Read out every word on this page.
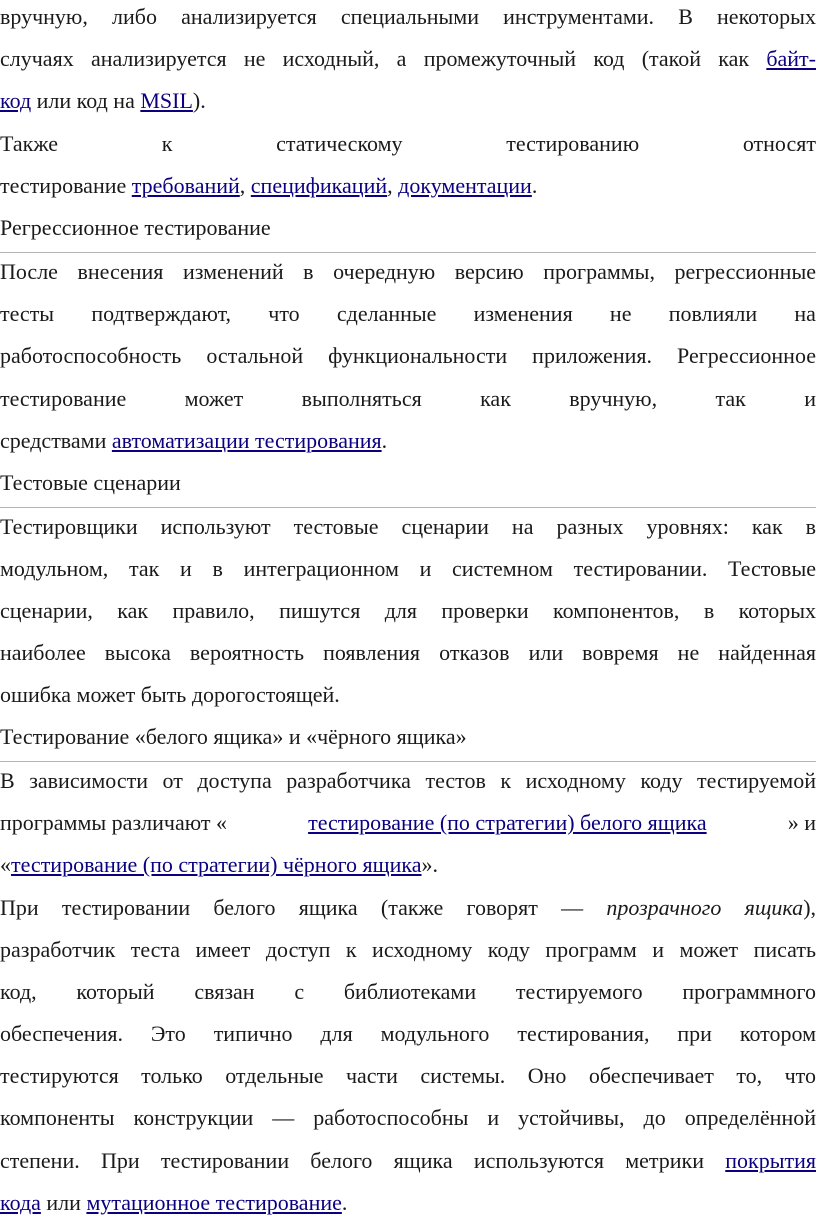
вручную, либо анализируется специальными инструментами. В некоторых
случаях анализируется не исходный, а промежуточный код (такой как байт-
код или код на MSIL).
Также	к	статическому	тестированию	относят
тестирование требований, спецификаций, документации.
Регрессионное тестирование
После внесения изменений в очередную версию программы, регрессионные
тесты подтверждают, что сделанные изменения не повлияли на
работоспособность остальной функциональности приложения. Регрессионное
тестирование	может	выполняться	как	вручную,	так	и
средствами автоматизации тестирования.
Тестовые сценарии
Тестировщики используют тестовые сценарии на разных уровнях: как в
модульном, так и в интеграционном и системном тестировании. Тестовые
сценарии, как правило, пишутся для проверки компонентов, в которых
наиболее высока вероятность появления отказов или вовремя не найденная
ошибка может быть дорогостоящей.
Тестирование «белого ящика» и «чёрного ящика»
В зависимости от доступа разработчика тестов к исходному коду тестируемой
программы различают «	тестирование (по стратегии) белого ящика	» и
«тестирование (по стратегии) чёрного ящика».
При тестировании белого ящика (также говорят — прозрачного ящика),
разработчик теста имеет доступ к исходному коду программ и может писать
код, который связан с библиотеками тестируемого программного
обеспечения. Это типично для модульного тестирования, при котором
тестируются только отдельные части системы. Оно обеспечивает то, что
компоненты конструкции — работоспособны и устойчивы, до определённой
степени. При тестировании белого ящика используются метрики покрытия
кода или мутационное тестирование.
